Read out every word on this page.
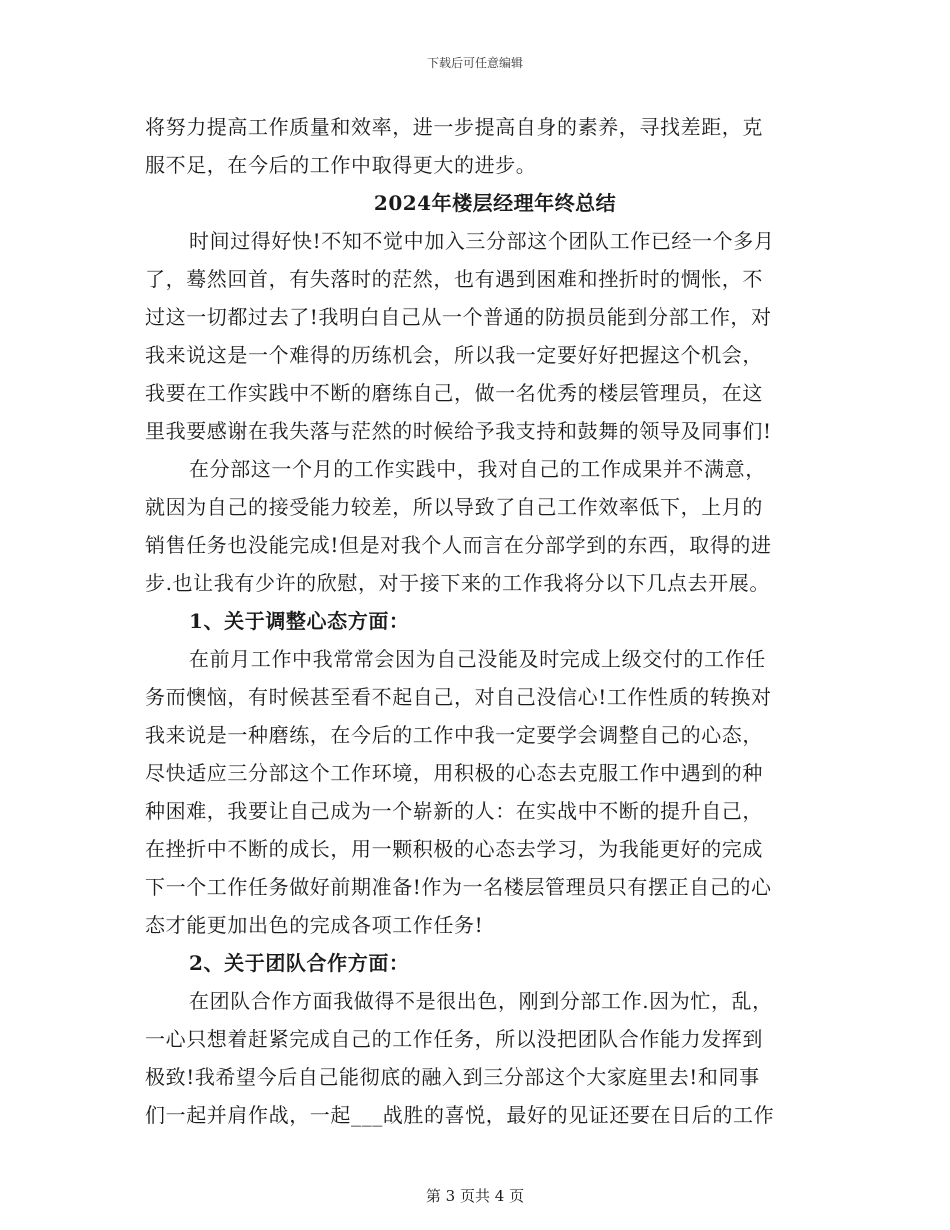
下载后可任意编辑
将努力提高工作质量和效率，进一步提高自身的素养，寻找差距，克
服不足，在今后的工作中取得更大的进步。
2024年楼层经理年终总结
时间过得好快!不知不觉中加入三分部这个团队工作已经一个多月
了，蓦然回首，有失落时的茫然，也有遇到困难和挫折时的惆怅，不
过这一切都过去了!我明白自己从一个普通的防损员能到分部工作，对
我来说这是一个难得的历练机会，所以我一定要好好把握这个机会，
我要在工作实践中不断的磨练自己，做一名优秀的楼层管理员，在这
里我要感谢在我失落与茫然的时候给予我支持和鼓舞的领导及同事们!
在分部这一个月的工作实践中，我对自己的工作成果并不满意，
就因为自己的接受能力较差，所以导致了自己工作效率低下，上月的
销售任务也没能完成!但是对我个人而言在分部学到的东西，取得的进
步.也让我有少许的欣慰，对于接下来的工作我将分以下几点去开展。
1、关于调整心态方面：
在前月工作中我常常会因为自己没能及时完成上级交付的工作任
务而懊恼，有时候甚至看不起自己，对自己没信心!工作性质的转换对
我来说是一种磨练，在今后的工作中我一定要学会调整自己的心态，
尽快适应三分部这个工作环境，用积极的心态去克服工作中遇到的种
种困难，我要让自己成为一个崭新的人：在实战中不断的提升自己，
在挫折中不断的成长，用一颗积极的心态去学习，为我能更好的完成
下一个工作任务做好前期准备!作为一名楼层管理员只有摆正自己的心
态才能更加出色的完成各项工作任务!
2、关于团队合作方面：
在团队合作方面我做得不是很出色，刚到分部工作.因为忙，乱，
一心只想着赶紧完成自己的工作任务，所以没把团队合作能力发挥到
极致!我希望今后自己能彻底的融入到三分部这个大家庭里去!和同事
们一起并肩作战，一起___战胜的喜悦，最好的见证还要在日后的工作
第 3 页共 4 页
